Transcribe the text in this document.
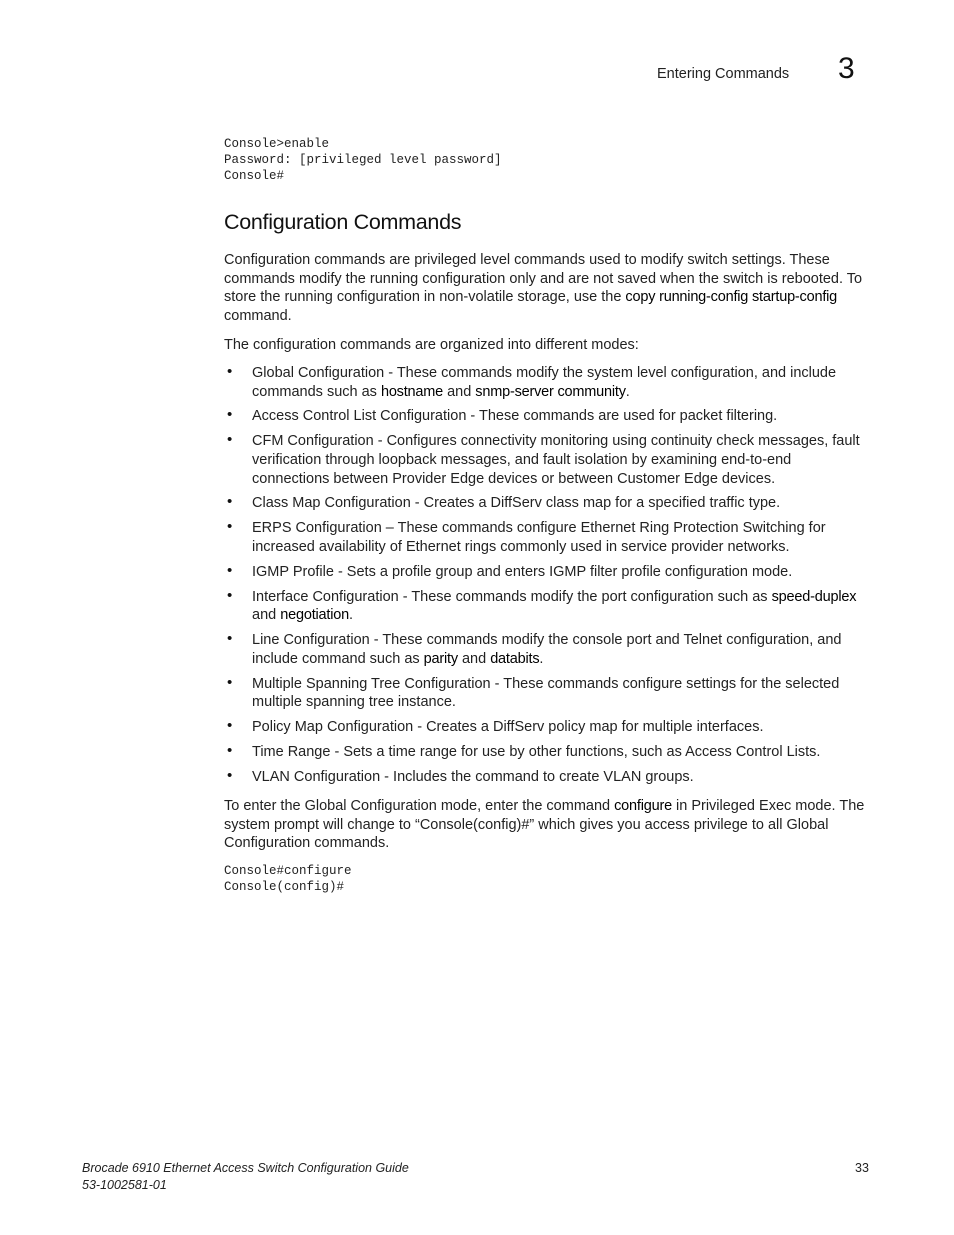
Entering Commands 3
Console>enable
Password: [privileged level password]
Console#
Configuration Commands

Configuration commands are privileged level commands used to modify switch settings. These commands modify the running configuration only and are not saved when the switch is rebooted. To store the running configuration in non-volatile storage, use the copy running-config startup-config command.

The configuration commands are organized into different modes:

• Global Configuration - These commands modify the system level configuration, and include commands such as hostname and snmp-server community.
• Access Control List Configuration - These commands are used for packet filtering.
• CFM Configuration - Configures connectivity monitoring using continuity check messages, fault verification through loopback messages, and fault isolation by examining end-to-end connections between Provider Edge devices or between Customer Edge devices.
• Class Map Configuration - Creates a DiffServ class map for a specified traffic type.
• ERPS Configuration – These commands configure Ethernet Ring Protection Switching for increased availability of Ethernet rings commonly used in service provider networks.
• IGMP Profile - Sets a profile group and enters IGMP filter profile configuration mode.
• Interface Configuration - These commands modify the port configuration such as speed-duplex and negotiation.
• Line Configuration - These commands modify the console port and Telnet configuration, and include command such as parity and databits.
• Multiple Spanning Tree Configuration - These commands configure settings for the selected multiple spanning tree instance.
• Policy Map Configuration - Creates a DiffServ policy map for multiple interfaces.
• Time Range - Sets a time range for use by other functions, such as Access Control Lists.
• VLAN Configuration - Includes the command to create VLAN groups.

To enter the Global Configuration mode, enter the command configure in Privileged Exec mode. The system prompt will change to “Console(config)#” which gives you access privilege to all Global Configuration commands.

Console#configure
Console(config)#
Brocade 6910 Ethernet Access Switch Configuration Guide
53-1002581-01
33
